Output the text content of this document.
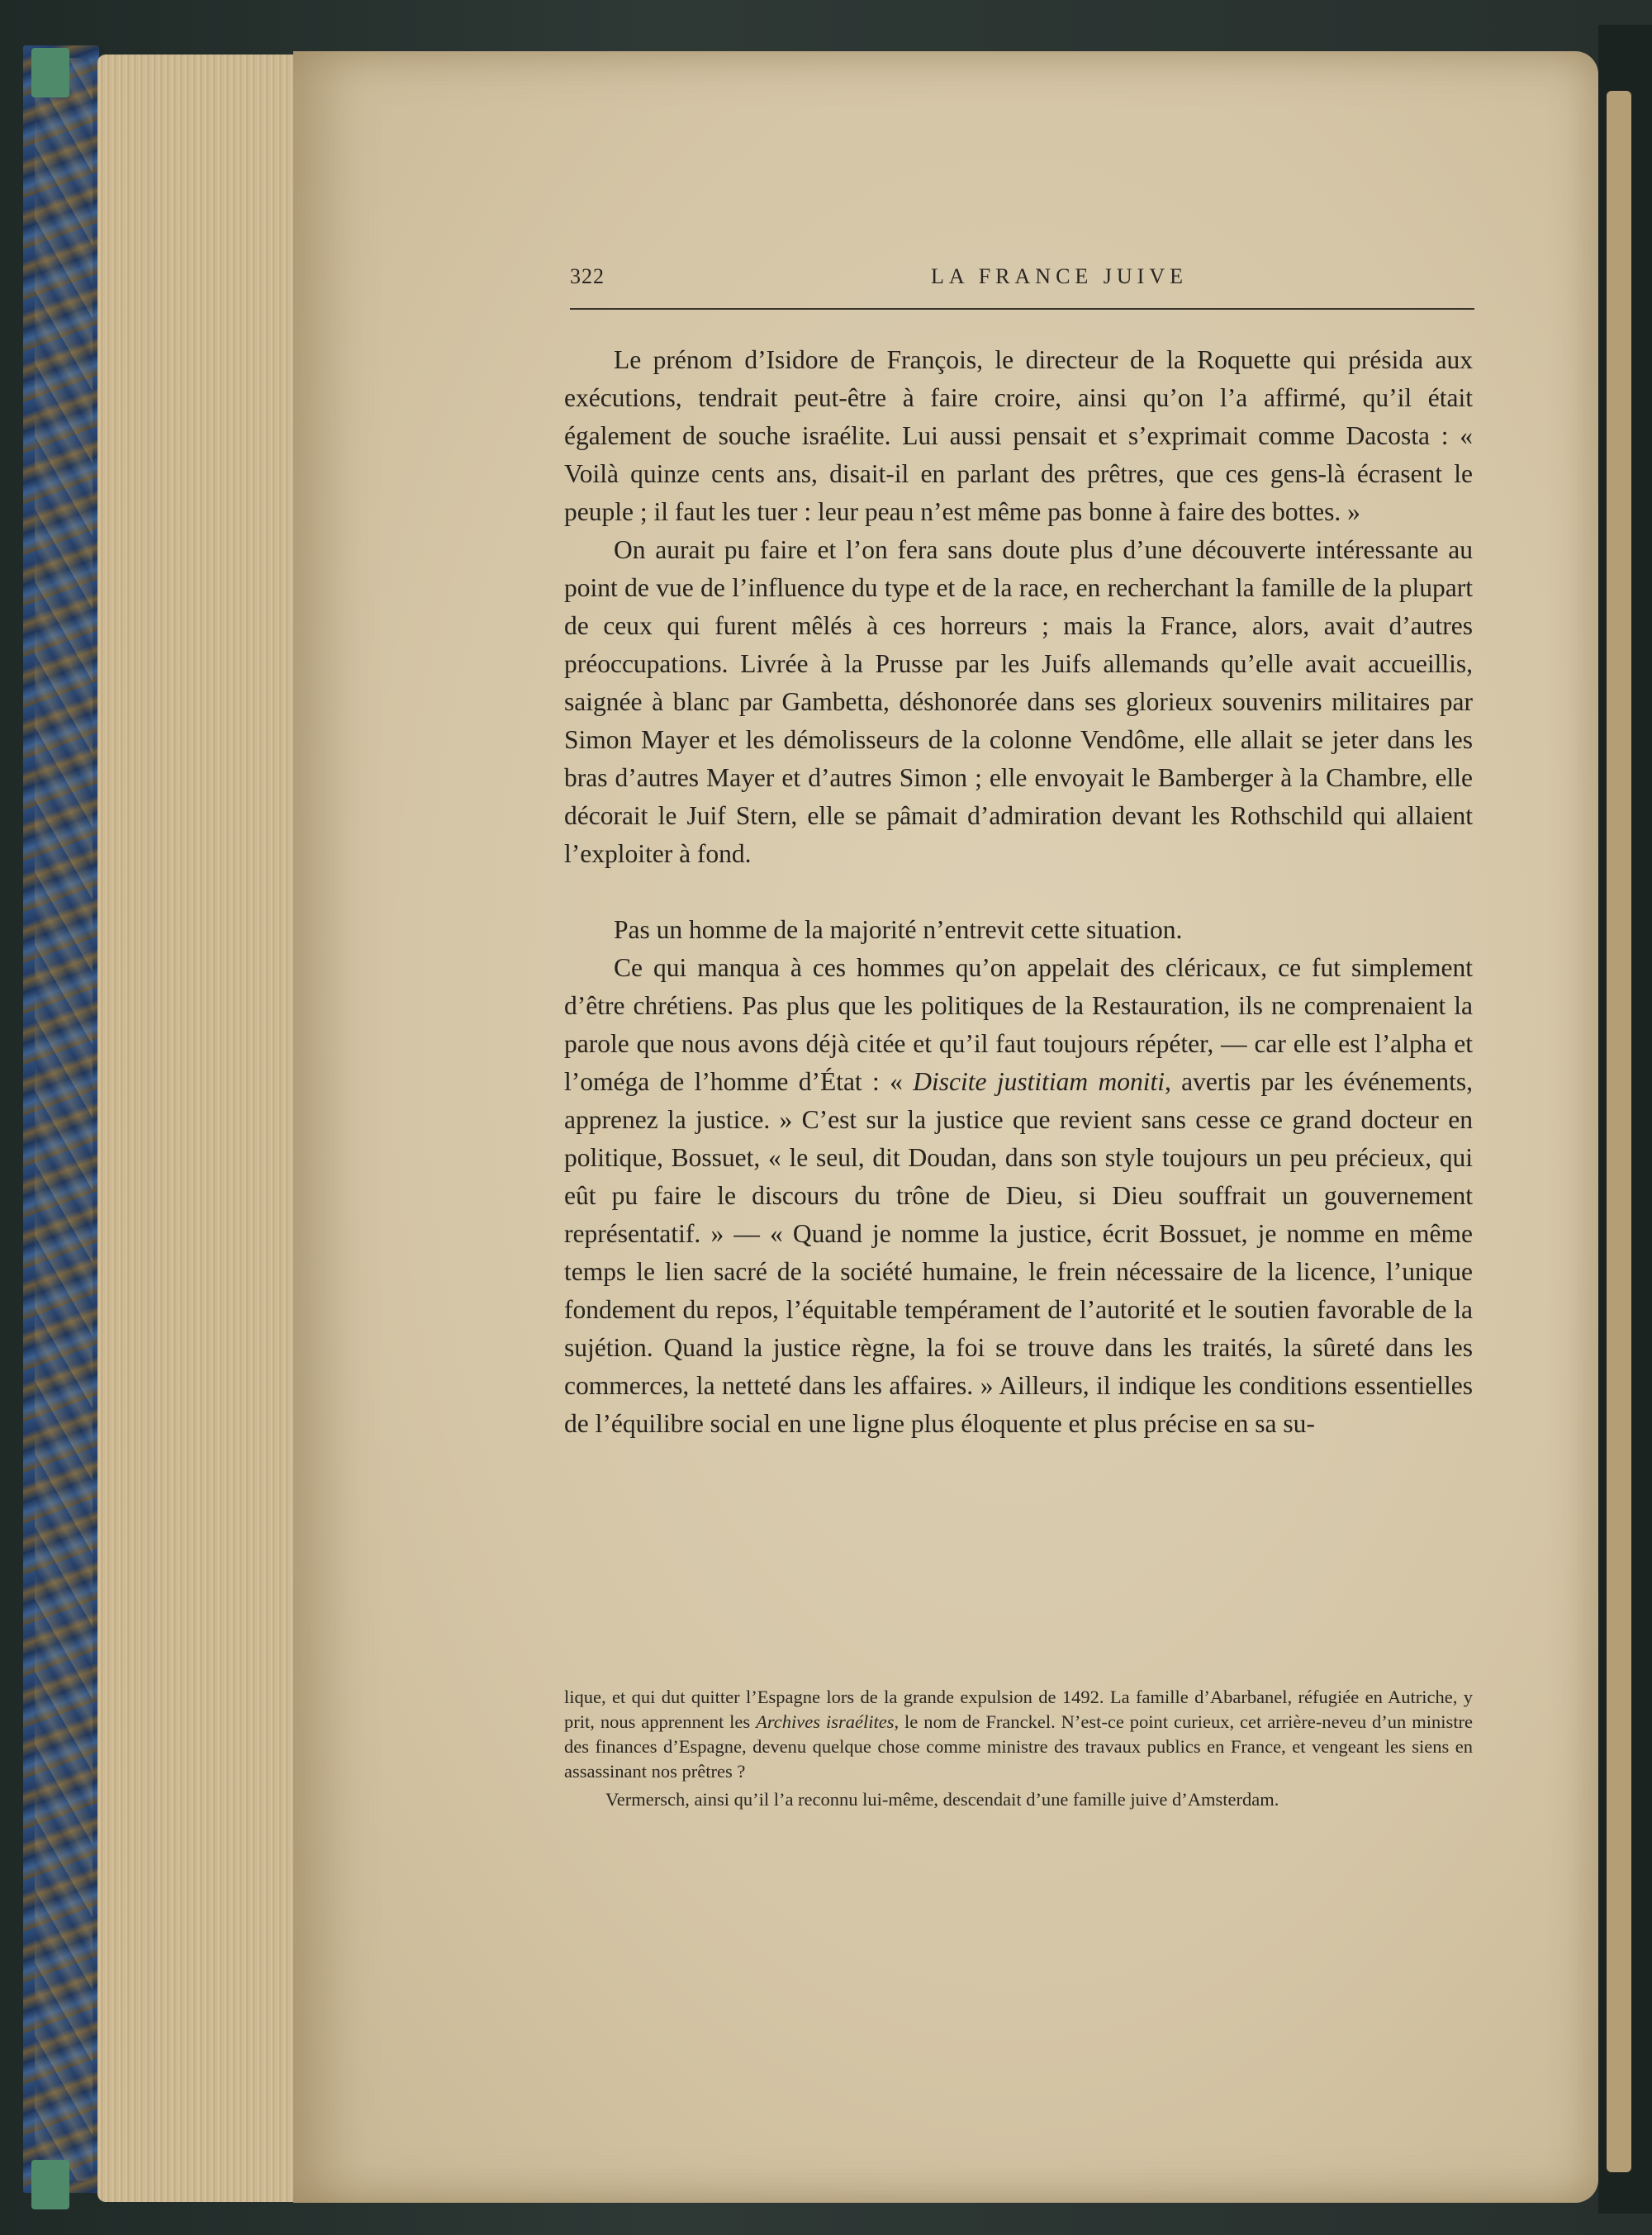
322	LA FRANCE JUIVE

Le prénom d’Isidore de François, le directeur de la Roquette qui présida aux exécutions, tendrait peut-être à faire croire, ainsi qu’on l’a affirmé, qu’il était également de souche israélite. Lui aussi pensait et s’exprimait comme Dacosta : « Voilà quinze cents ans, disait-il en parlant des prêtres, que ces gens-là écrasent le peuple ; il faut les tuer : leur peau n’est même pas bonne à faire des bottes. »

On aurait pu faire et l’on fera sans doute plus d’une découverte intéressante au point de vue de l’influence du type et de la race, en recherchant la famille de la plupart de ceux qui furent mêlés à ces horreurs ; mais la France, alors, avait d’autres préoccupations. Livrée à la Prusse par les Juifs allemands qu’elle avait accueillis, saignée à blanc par Gambetta, déshonorée dans ses glorieux souvenirs militaires par Simon Mayer et les démolisseurs de la colonne Vendôme, elle allait se jeter dans les bras d’autres Mayer et d’autres Simon ; elle envoyait le Bamberger à la Chambre, elle décorait le Juif Stern, elle se pâmait d’admiration devant les Rothschild qui allaient l’exploiter à fond.

Pas un homme de la majorité n’entrevit cette situation.

Ce qui manqua à ces hommes qu’on appelait des cléricaux, ce fut simplement d’être chrétiens. Pas plus que les politiques de la Restauration, ils ne comprenaient la parole que nous avons déjà citée et qu’il faut toujours répéter, — car elle est l’alpha et l’oméga de l’homme d’État : « Discite justitiam moniti, avertis par les événements, apprenez la justice. » C’est sur la justice que revient sans cesse ce grand docteur en politique, Bossuet, « le seul, dit Doudan, dans son style toujours un peu précieux, qui eût pu faire le discours du trône de Dieu, si Dieu souffrait un gouvernement représentatif. » — « Quand je nomme la justice, écrit Bossuet, je nomme en même temps le lien sacré de la société humaine, le frein nécessaire de la licence, l’unique fondement du repos, l’équitable tempérament de l’autorité et le soutien favorable de la sujétion. Quand la justice règne, la foi se trouve dans les traités, la sûreté dans les commerces, la netteté dans les affaires. » Ailleurs, il indique les conditions essentielles de l’équilibre social en une ligne plus éloquente et plus précise en sa su-

lique, et qui dut quitter l’Espagne lors de la grande expulsion de 1492. La famille d’Abarbanel, réfugiée en Autriche, y prit, nous apprennent les Archives israélites, le nom de Franckel. N’est-ce point curieux, cet arrière-neveu d’un ministre des finances d’Espagne, devenu quelque chose comme ministre des travaux publics en France, et vengeant les siens en assassinant nos prêtres ?

Vermersch, ainsi qu’il l’a reconnu lui-même, descendait d’une famille juive d’Amsterdam.
